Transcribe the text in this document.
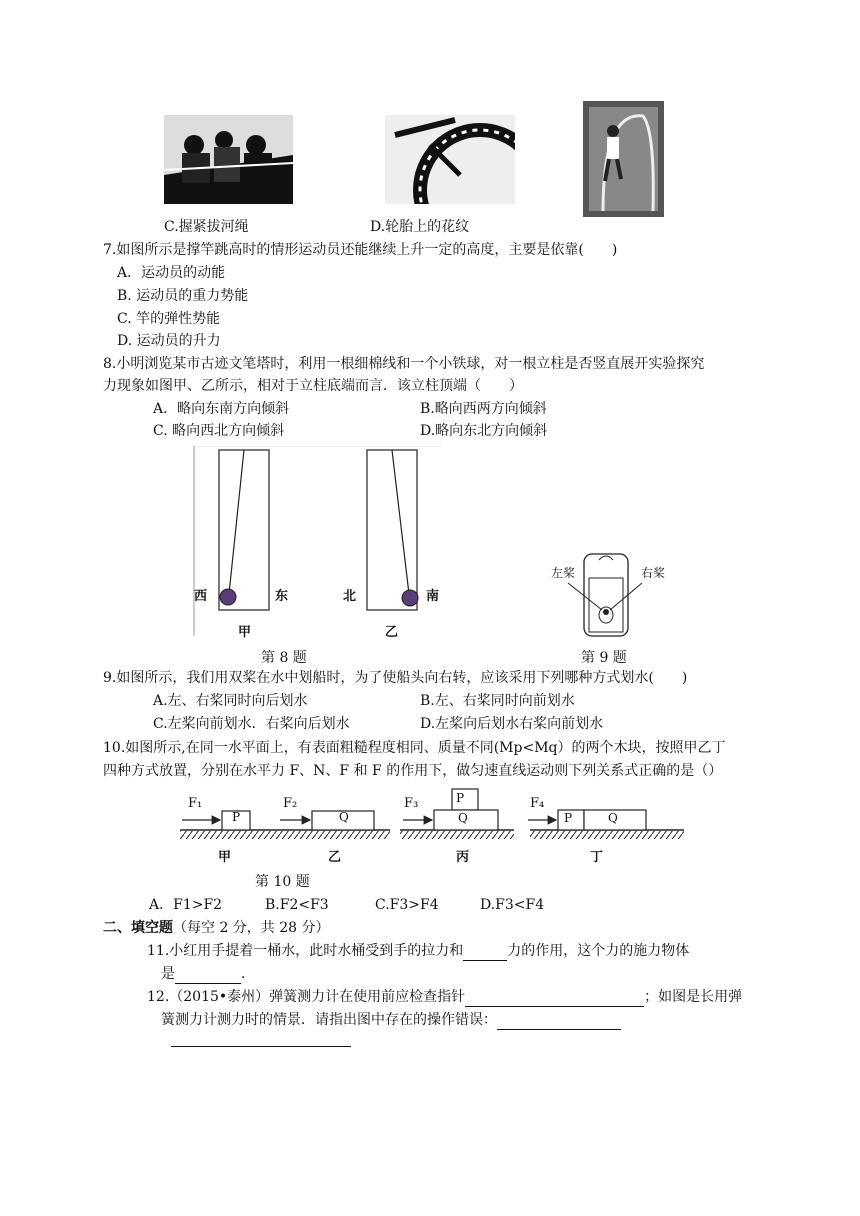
C.握紧拔河绳	D.轮胎上的花纹
7.如图所示是撑竿跳高时的情形运动员还能继续上升一定的高度，主要是依靠(　　)
A．运动员的动能
B. 运动员的重力势能
C. 竿的弹性势能
D. 运动员的升力
8.小明浏览某市古迹文笔塔时，利用一根细棉线和一个小铁球，对一根立柱是否竖直展开实验探究
力现象如图甲、乙所示，相对于立柱底端而言．该立柱顶端（　　）
A．略向东南方向倾斜	B.略向西两方向倾斜
C. 略向西北方向倾斜	D.略向东北方向倾斜
西	东	北	南
甲	乙
第 8 题
左桨	右桨
第 9 题
9.如图所示，我们用双桨在水中划船时，为了使船头向右转，应该采用下列哪种方式划水(　　)
A.左、右桨同时向后划水	B.左、右桨同时向前划水
C.左桨向前划水．右桨向后划水	D.左桨向后划水右桨向前划水
10.如图所示,在同一水平面上，有表面粗糙程度相同、质量不同(Mp<Mq）的两个木块，按照甲乙丁
四种方式放置，分别在水平力 F、N、F 和 F 的作用下，做匀速直线运动则下列关系式正确的是（）
F₁	F₂	F₃	F₄
P	Q
P
Q	P	Q
甲	乙	丙	丁
第 10 题
A．F1>F2	B.F2<F3	C.F3>F4	D.F3<F4
二、填空题（每空 2 分，共 28 分）
11.小红用手提着一桶水，此时水桶受到手的拉力和	力的作用，这个力的施力物体
是	.
12.（2015•泰州）弹簧测力计在使用前应检查指针	；如图是长用弹
簧测力计测力时的情景．请指出图中存在的操作错误：
